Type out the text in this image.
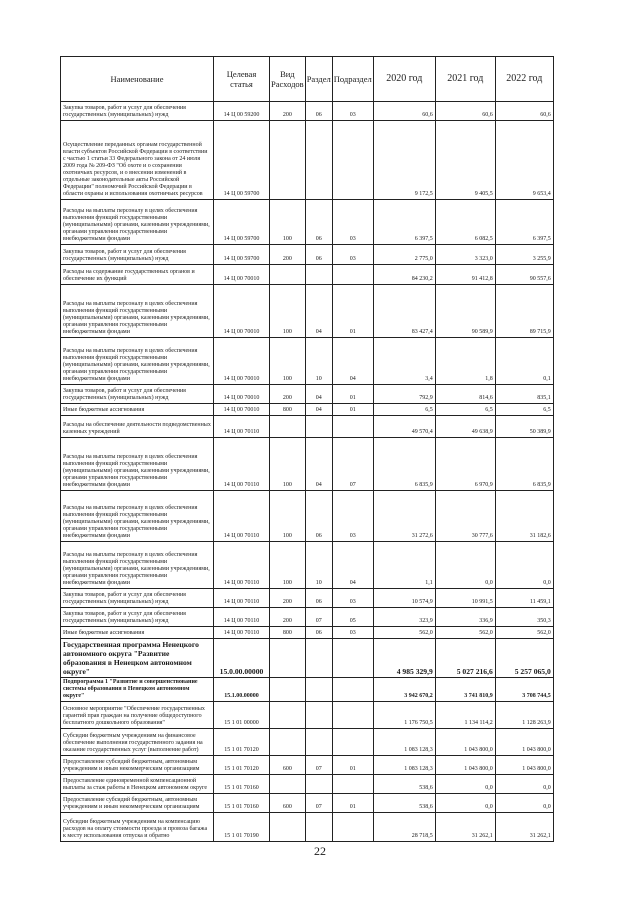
Наименование	Целевая статья	Вид Расходов	Раздел	Подраздел	2020 год	2021 год	2022 год
Закупка товаров, работ и услуг для обеспечения государственных (муниципальных) нужд	14 Ц 00 59200	200	06	03	60,6	60,6	60,6
Осуществление переданных органам государственной власти субъектов Российской Федерации в соответствии с частью 1 статьи 33 Федерального закона от 24 июля 2009 года № 209-ФЗ "Об охоте и о сохранении охотничьих ресурсов, и о внесении изменений в отдельные законодательные акты Российской Федерации" полномочий Российской Федерации в области охраны и использования охотничьих ресурсов	14 Ц 00 59700				9 172,5	9 405,5	9 653,4
Расходы на выплаты персоналу в целях обеспечения выполнения функций государственными (муниципальными) органами, казенными учреждениями, органами управления государственными внебюджетными фондами	14 Ц 00 59700	100	06	03	6 397,5	6 082,5	6 397,5
Закупка товаров, работ и услуг для обеспечения государственных (муниципальных) нужд	14 Ц 00 59700	200	06	03	2 775,0	3 323,0	3 255,9
Расходы на содержание государственных органов и обеспечение их функций	14 Ц 00 70010				84 230,2	91 412,8	90 557,6
Расходы на выплаты персоналу в целях обеспечения выполнения функций государственными (муниципальными) органами, казенными учреждениями, органами управления государственными внебюджетными фондами	14 Ц 00 70010	100	04	01	83 427,4	90 589,9	89 715,9
Расходы на выплаты персоналу в целях обеспечения выполнения функций государственными (муниципальными) органами, казенными учреждениями, органами управления государственными внебюджетными фондами	14 Ц 00 70010	100	10	04	3,4	1,8	0,1
Закупка товаров, работ и услуг для обеспечения государственных (муниципальных) нужд	14 Ц 00 70010	200	04	01	792,9	814,6	835,1
Иные бюджетные ассигнования	14 Ц 00 70010	800	04	01	6,5	6,5	6,5
Расходы на обеспечение деятельности подведомственных казенных учреждений	14 Ц 00 70110				49 570,4	49 638,9	50 389,9
Расходы на выплаты персоналу в целях обеспечения выполнения функций государственными (муниципальными) органами, казенными учреждениями, органами управления государственными внебюджетными фондами	14 Ц 00 70110	100	04	07	6 835,9	6 970,9	6 835,9
Расходы на выплаты персоналу в целях обеспечения выполнения функций государственными (муниципальными) органами, казенными учреждениями, органами управления государственными внебюджетными фондами	14 Ц 00 70110	100	06	03	31 272,6	30 777,6	31 182,6
Расходы на выплаты персоналу в целях обеспечения выполнения функций государственными (муниципальными) органами, казенными учреждениями, органами управления государственными внебюджетными фондами	14 Ц 00 70110	100	10	04	1,1	0,0	0,0
Закупка товаров, работ и услуг для обеспечения государственных (муниципальных) нужд	14 Ц 00 70110	200	06	03	10 574,9	10 991,5	11 459,1
Закупка товаров, работ и услуг для обеспечения государственных (муниципальных) нужд	14 Ц 00 70110	200	07	05	323,9	336,9	350,3
Иные бюджетные ассигнования	14 Ц 00 70110	800	06	03	562,0	562,0	562,0
Государственная программа Ненецкого автономного округа "Развитие образования в Ненецком автономном округе"	15.0.00.00000				4 985 329,9	5 027 216,6	5 257 065,0
Подпрограмма 1 "Развитие и совершенствование системы образования в Ненецком автономном округе"	15.1.00.00000				3 942 670,2	3 741 810,9	3 708 744,5
Основное мероприятие "Обеспечение государственных гарантий прав граждан на получение общедоступного бесплатного дошкольного образования"	15 1 01 00000				1 176 750,5	1 134 114,2	1 128 263,9
Субсидии бюджетным учреждениям на финансовое обеспечение выполнения государственного задания на оказание государственных услуг (выполнение работ)	15 1 01 70120				1 083 128,3	1 043 800,0	1 043 800,0
Предоставление субсидий бюджетным, автономным учреждениям и иным некоммерческим организациям	15 1 01 70120	600	07	01	1 083 128,3	1 043 800,0	1 043 800,0
Предоставление единовременной компенсационной выплаты за стаж работы в Ненецком автономном округе	15 1 01 70160				538,6	0,0	0,0
Предоставление субсидий бюджетным, автономным учреждениям и иным некоммерческим организациям	15 1 01 70160	600	07	01	538,6	0,0	0,0
Субсидии бюджетным учреждениям на компенсацию расходов на оплату стоимости проезда и провоза багажа к месту использования отпуска и обратно	15 1 01 70190				28 718,5	31 262,1	31 262,1
22
